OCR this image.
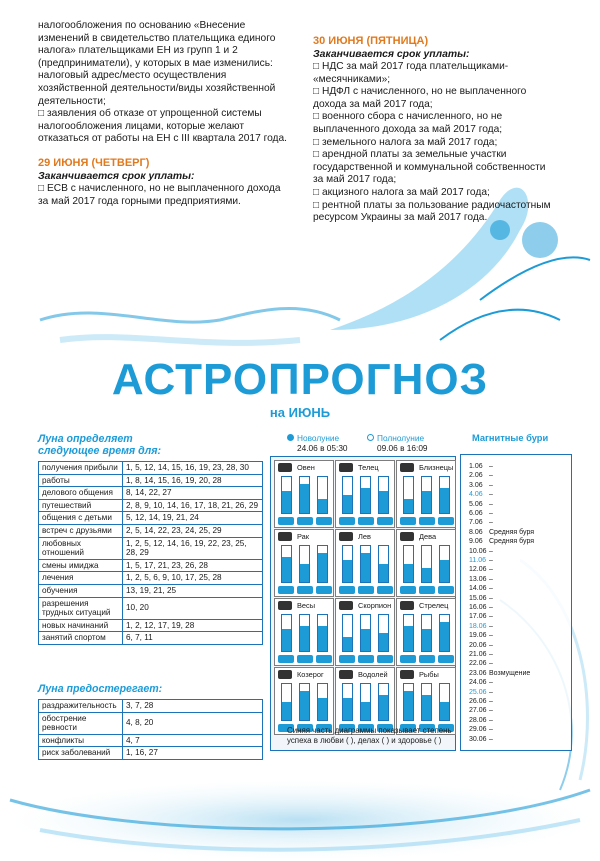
налогообложения по основанию «Внесение

изменений в свидетельство плательщика единого

налога» плательщиками ЕН из групп 1 и 2

(предприниматели), у которых в мае изменились:

налоговый адрес/место осуществления

хозяйственной деятельности/виды хозяйственной

деятельности;

□ заявления об отказе от упрощенной системы

налогообложения лицами, которые желают

отказаться от работы на ЕН с III квартала 2017 года.

29 ИЮНЯ (ЧЕТВЕРГ)

Заканчивается срок уплаты:

□ ЕСВ с начисленного, но не выплаченного дохода

за май 2017 года горными предприятиями.

30 ИЮНЯ (ПЯТНИЦА)

Заканчивается срок уплаты:

□ НДС за май 2017 года плательщиками-

«месячниками»;

□ НДФЛ с начисленного, но не выплаченного

дохода за май 2017 года;

□ военного сбора с начисленного, но не

выплаченного дохода за май 2017 года;

□ земельного налога за май 2017 года;

□ арендной платы за земельные участки

государственной и коммунальной собственности

за май 2017 года;

□ акцизного налога за май 2017 года;

□ рентной платы за пользование радиочастотным

ресурсом Украины за май 2017 года.

АСТРОПРОГНОЗ
на ИЮНЬ
Луна определяет
следующее время для:
получения прибыли	1, 5, 12, 14, 15, 16, 19, 23, 28, 30
работы	1, 8, 14, 15, 16, 19, 20, 28
делового общения	8, 14, 22, 27
путешествий	2, 8, 9, 10, 14, 16, 17, 18, 21, 26, 29
общения с детьми	5, 12, 14, 19, 21, 24
встреч с друзьями	2, 5, 14, 22, 23, 24, 25, 29
любовных отношений	1, 2, 5, 12, 14, 16, 19, 22, 23, 25, 28, 29
смены имиджа	1, 5, 17, 21, 23, 26, 28
лечения	1, 2, 5, 6, 9, 10, 17, 25, 28
обучения	13, 19, 21, 25
разрешения трудных ситуаций	10, 20
новых начинаний	1, 2, 12, 17, 19, 28
занятий спортом	6, 7, 11
Луна предостерегает:
раздражительность	3, 7, 28
обострение ревности	4, 8, 20
конфликты	4, 7
риск заболеваний	1, 16, 27
Новолуние
24.06 в 05:30
Полнолуние
09.06 в 16:09
Овен	Телец	Близнецы
Рак	Лев	Дева
Весы	Скорпион	Стрелец
Козерог	Водолей	Рыбы
Синяя часть диаграммы показывает степень успеха в любви ( ), делах ( ) и здоровье ( )
Магнитные бури
1.06 –
2.06 –
3.06 –
4.06 –
5.06 –
6.06 –
7.06 –
8.06 Средняя буря
9.06 Средняя буря
10.06 –
11.06 –
12.06 –
13.06 –
14.06 –
15.06 –
16.06 –
17.06 –
18.06 –
19.06 –
20.06 –
21.06 –
22.06 –
23.06 Возмущение
24.06 –
25.06 –
26.06 –
27.06 –
28.06 –
29.06 –
30.06 –
